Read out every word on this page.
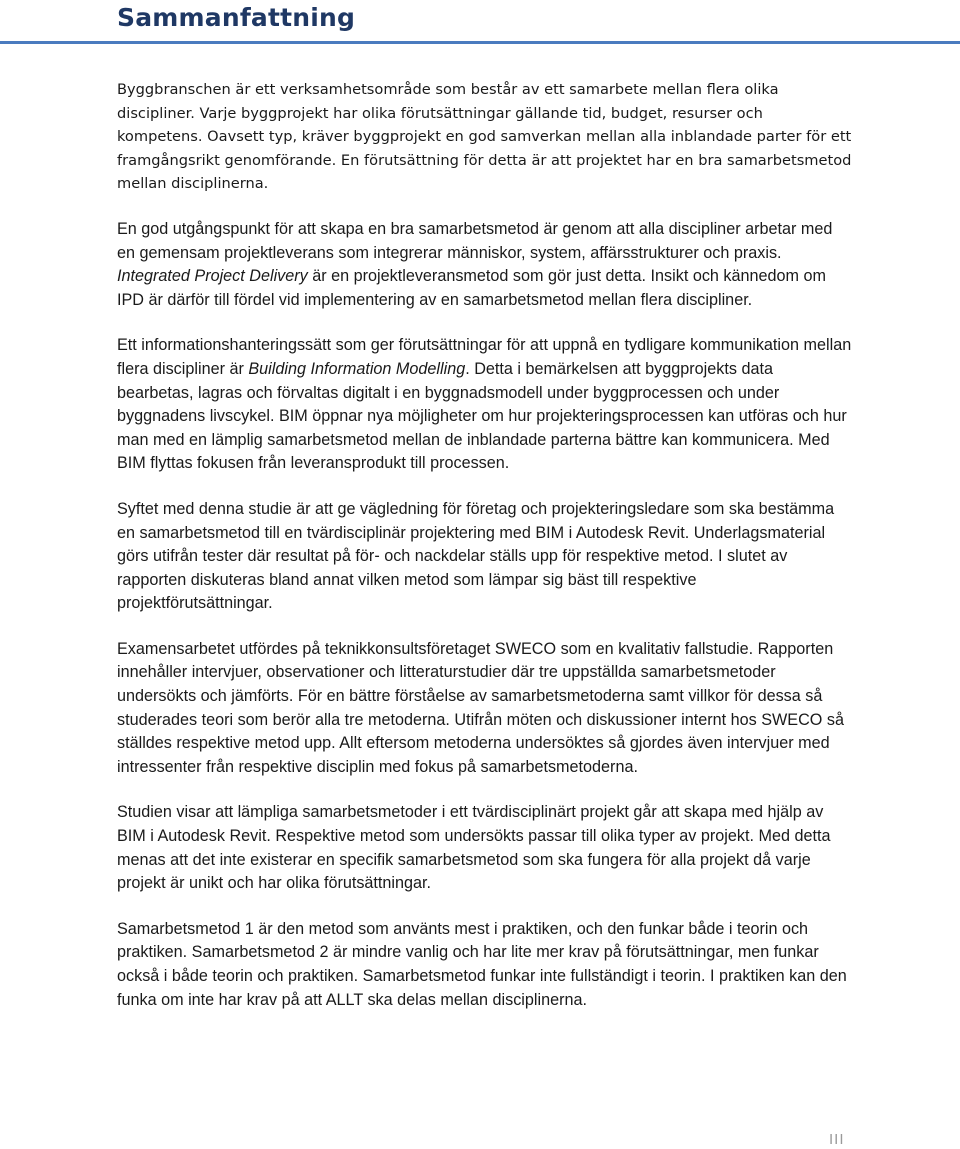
Sammanfattning

Byggbranschen är ett verksamhetsområde som består av ett samarbete mellan flera olika discipliner. Varje byggprojekt har olika förutsättningar gällande tid, budget, resurser och kompetens. Oavsett typ, kräver byggprojekt en god samverkan mellan alla inblandade parter för ett framgångsrikt genomförande. En förutsättning för detta är att projektet har en bra samarbetsmetod mellan disciplinerna.

En god utgångspunkt för att skapa en bra samarbetsmetod är genom att alla discipliner arbetar med en gemensam projektleverans som integrerar människor, system, affärsstrukturer och praxis. Integrated Project Delivery är en projektleveransmetod som gör just detta. Insikt och kännedom om IPD är därför till fördel vid implementering av en samarbetsmetod mellan flera discipliner.

Ett informationshanteringssätt som ger förutsättningar för att uppnå en tydligare kommunikation mellan flera discipliner är Building Information Modelling. Detta i bemärkelsen att byggprojekts data bearbetas, lagras och förvaltas digitalt i en byggnadsmodell under byggprocessen och under byggnadens livscykel. BIM öppnar nya möjligheter om hur projekteringsprocessen kan utföras och hur man med en lämplig samarbetsmetod mellan de inblandade parterna bättre kan kommunicera. Med BIM flyttas fokusen från leveransprodukt till processen.

Syftet med denna studie är att ge vägledning för företag och projekteringsledare som ska bestämma en samarbetsmetod till en tvärdisciplinär projektering med BIM i Autodesk Revit. Underlagsmaterial görs utifrån tester där resultat på för- och nackdelar ställs upp för respektive metod. I slutet av rapporten diskuteras bland annat vilken metod som lämpar sig bäst till respektive projektförutsättningar.

Examensarbetet utfördes på teknikkonsultsföretaget SWECO som en kvalitativ fallstudie. Rapporten innehåller intervjuer, observationer och litteraturstudier där tre uppställda samarbetsmetoder undersökts och jämförts. För en bättre förståelse av samarbetsmetoderna samt villkor för dessa så studerades teori som berör alla tre metoderna. Utifrån möten och diskussioner internt hos SWECO så ställdes respektive metod upp. Allt eftersom metoderna undersöktes så gjordes även intervjuer med intressenter från respektive disciplin med fokus på samarbetsmetoderna.

Studien visar att lämpliga samarbetsmetoder i ett tvärdisciplinärt projekt går att skapa med hjälp av BIM i Autodesk Revit. Respektive metod som undersökts passar till olika typer av projekt. Med detta menas att det inte existerar en specifik samarbetsmetod som ska fungera för alla projekt då varje projekt är unikt och har olika förutsättningar.

Samarbetsmetod 1 är den metod som använts mest i praktiken, och den funkar både i teorin och praktiken. Samarbetsmetod 2 är mindre vanlig och har lite mer krav på förutsättningar, men funkar också i både teorin och praktiken. Samarbetsmetod funkar inte fullständigt i teorin. I praktiken kan den funka om inte har krav på att ALLT ska delas mellan disciplinerna.

III
